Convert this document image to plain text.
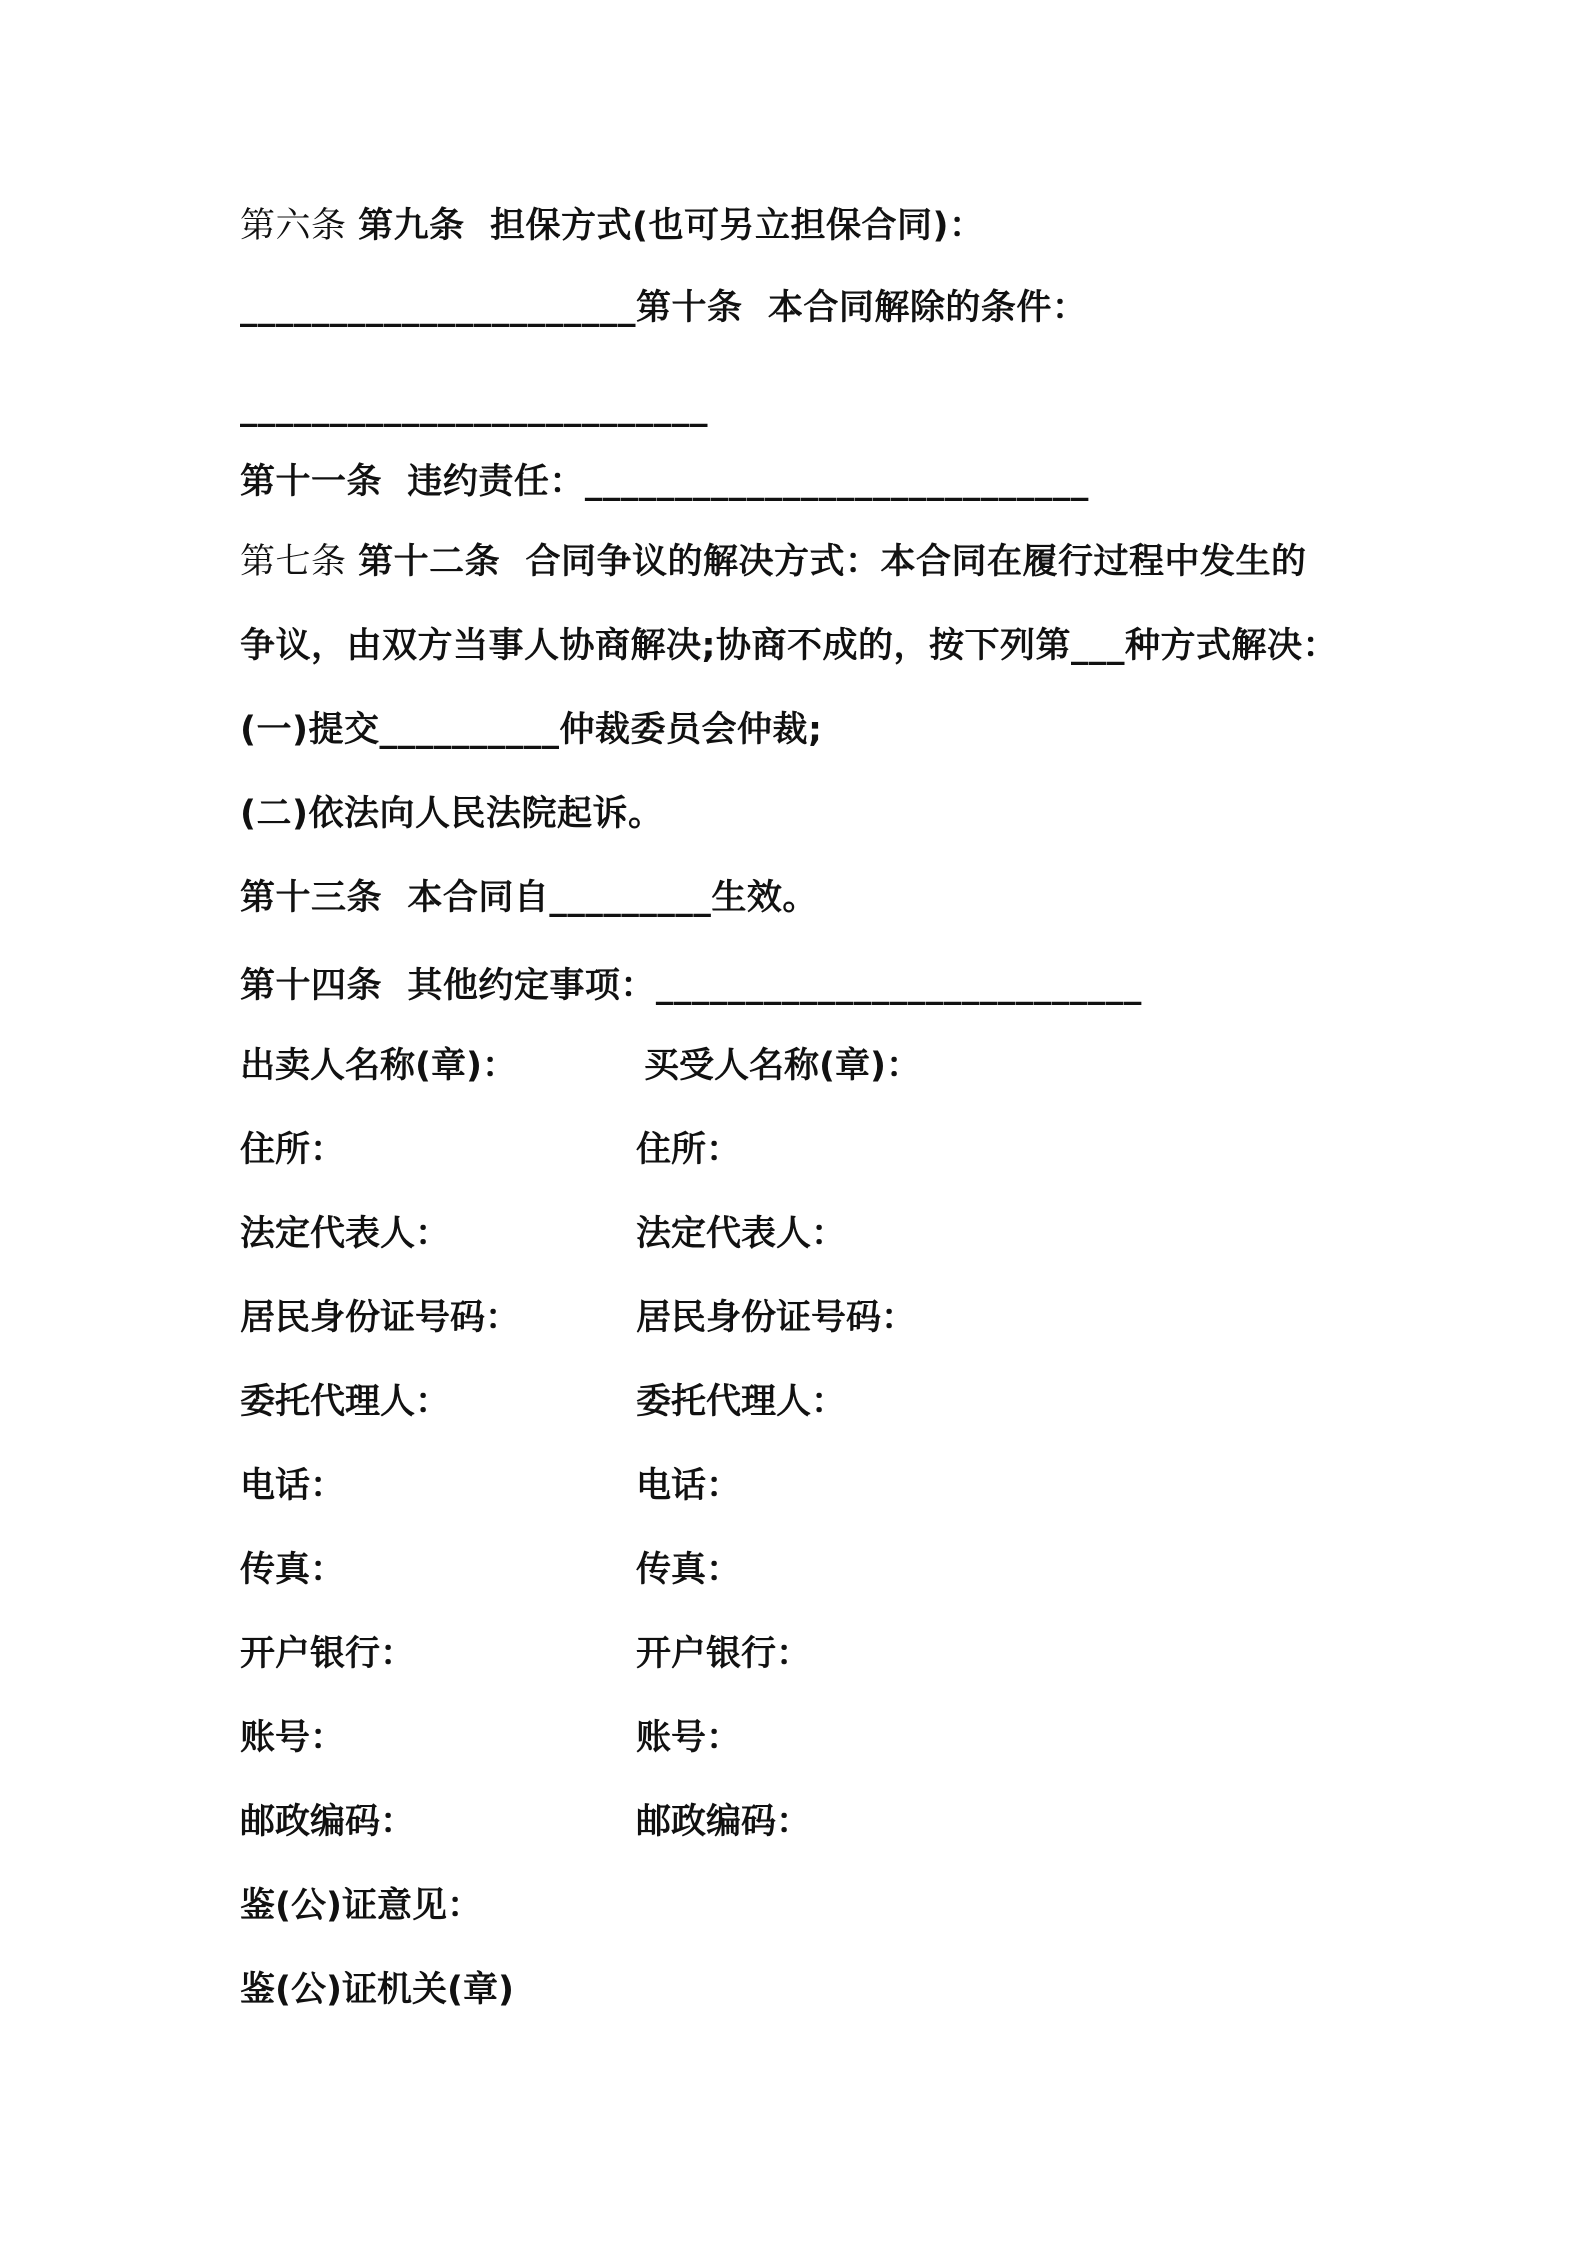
第六条 第九条  担保方式(也可另立担保合同)：
______________________第十条  本合同解除的条件：
__________________________
第十一条  违约责任：____________________________
第七条 第十二条  合同争议的解决方式：本合同在履行过程中发生的
争议，由双方当事人协商解决;协商不成的，按下列第___种方式解决：
(一)提交__________仲裁委员会仲裁;
(二)依法向人民法院起诉。
第十三条  本合同自_________生效。
第十四条  其他约定事项：___________________________
出卖人名称(章)：	买受人名称(章)：
住所：	住所：
法定代表人：	法定代表人：
居民身份证号码：	居民身份证号码：
委托代理人：	委托代理人：
电话：	电话：
传真：	传真：
开户银行：	开户银行：
账号：	账号：
邮政编码：	邮政编码：
鉴(公)证意见：
鉴(公)证机关(章)
